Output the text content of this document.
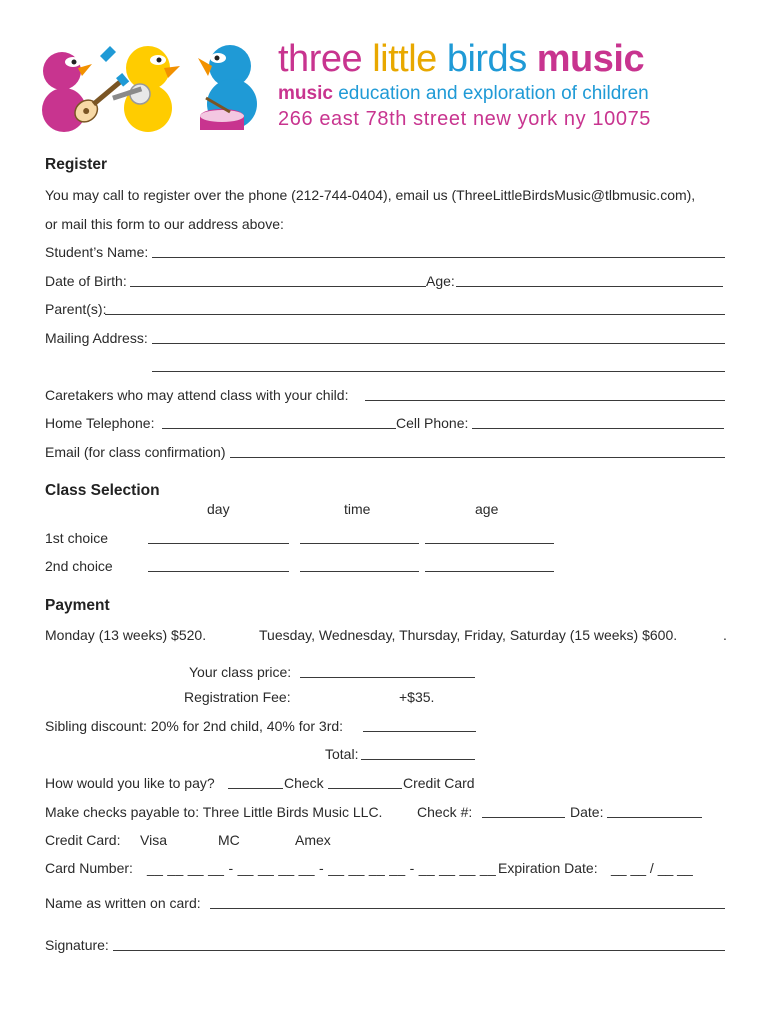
three little birds music
music education and exploration of children
266 east 78th street new york ny 10075
Register
You may call to register over the phone (212-744-0404), email us (ThreeLittleBirdsMusic@tlbmusic.com),
or mail this form to our address above:
Student’s Name:
Date of Birth:	Age:
Parent(s):
Mailing Address:
Caretakers who may attend class with your child:
Home Telephone:	Cell Phone:
Email (for class confirmation)
Class Selection
day	time	age
1st choice
2nd choice
Payment
Monday (13 weeks) $520.	Tuesday, Wednesday, Thursday, Friday, Saturday (15 weeks) $600.	.
Your class price:
Registration Fee:	+$35.
Sibling discount: 20% for 2nd child, 40% for 3rd:
Total:
How would you like to pay?	Check	Credit Card
Make checks payable to: Three Little Birds Music LLC. Check #:	Date:
Credit Card: Visa	MC	Amex
Card Number: __ __ __ __ - __ __ __ __ - __ __ __ __ - __ __ __ __ Expiration Date: __ __ / __ __
Name as written on card:
Signature:
